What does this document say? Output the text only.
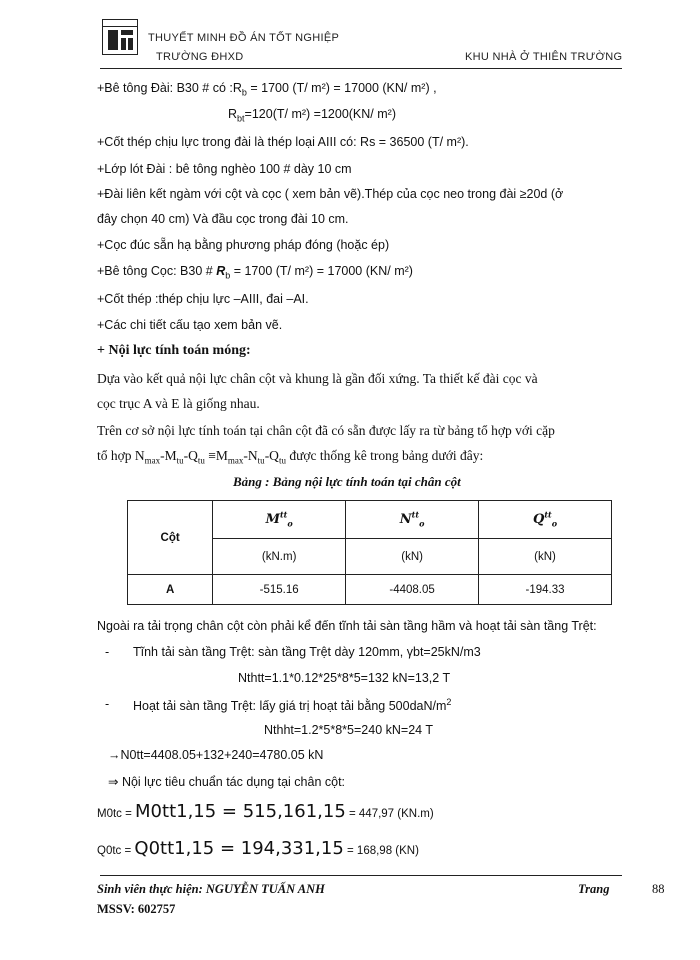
THUYẾT MINH ĐỒ ÁN TỐT NGHIỆP
TRƯỜNG ĐHXD	KHU NHÀ Ở THIÊN TRƯỜNG
+Bê tông Đài: B30 # có $:R_b = 1700$ (T/ m²) = 17000 (KN/ m²) ,
$R_{bt}=120(T/$ m²) =1200(KN/ m²)
+Cốt thép chịu lực trong đài là thép loại AIII có: Rs = 36500 (T/ m²).
+Lớp lót Đài : bê tông nghèo 100 # dày 10 cm
+Đài liên kết ngàm với cột và cọc ( xem bản vẽ).Thép của cọc neo trong đài ≥20d (ở
đây chọn 40 cm) Và đầu cọc trong đài 10 cm.
+Cọc đúc sẵn hạ bằng phương pháp đóng (hoặc ép)
+Bê tông Cọc: B30 # $R_b = 1700$ (T/ m²) = 17000 (KN/ m²)
+Cốt thép :thép chịu lực –AIII, đai –AI.
+Các chi tiết cấu tạo xem bản vẽ.
+ Nội lực tính toán móng:
Dựa vào kết quả nội lực chân cột và khung là gần đối xứng. Ta thiết kế đài cọc và
cọc trục A và E là giống nhau.
Trên cơ sở nội lực tính toán tại chân cột đã có sẵn được lấy ra từ bảng tổ hợp với cặp
tổ hợp $N_{max}-M_{tu}-Q_{tu} \equiv M_{max}-N_{tu}-Q_{tu}$ được thống kê trong bảng dưới đây:
Bảng : Bảng nội lực tính toán tại chân cột
Cột	$M^{tt}_o$	$N^{tt}_o$	$Q^{tt}_o$
	(kN.m)	(kN)	(kN)
A	-515.16	-4408.05	-194.33
Ngoài ra tải trọng chân cột còn phải kể đến tĩnh tải sàn tầng hầm và hoạt tải sàn tầng Trệt:
- Tĩnh tải sàn tầng Trệt: sàn tầng Trệt dày 120mm, γbt=25kN/m3
Nthtt=1.1*0.12*25*8*5=132 kN=13,2 T
- Hoạt tải sàn tầng Trệt: lấy giá trị hoạt tải bằng $500daN/m^2$
Nthht=1.2*5*8*5=240 kN=24 T
→N0tt=4408.05+132+240=4780.05 kN
⇒ Nội lực tiêu chuẩn tác dụng tại chân cột:
M0tc = M0tt1,15 = 515,161,15 = 447,97 (KN.m)
Q0tc = Q0tt1,15 = 194,331,15 = 168,98 (KN)
Sinh viên thực hiện: NGUYỄN TUẤN ANH	Trang	88
MSSV: 602757
